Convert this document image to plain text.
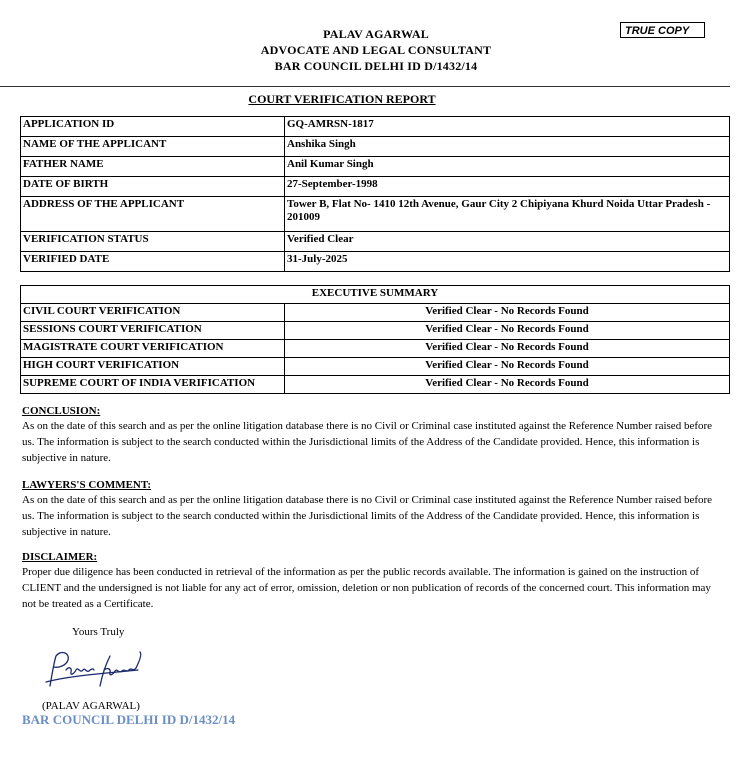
PALAV AGARWAL
ADVOCATE AND LEGAL CONSULTANT
BAR COUNCIL DELHI ID D/1432/14
TRUE COPY
COURT VERIFICATION REPORT
APPLICATION ID	GQ-AMRSN-1817
NAME OF THE APPLICANT	Anshika Singh
FATHER NAME	Anil Kumar Singh
DATE OF BIRTH	27-September-1998
ADDRESS OF THE APPLICANT	Tower B, Flat No- 1410 12th Avenue, Gaur City 2 Chipiyana Khurd Noida Uttar Pradesh - 201009
VERIFICATION STATUS	Verified Clear
VERIFIED DATE	31-July-2025
EXECUTIVE SUMMARY	
CIVIL COURT VERIFICATION	Verified Clear - No Records Found
SESSIONS COURT VERIFICATION	Verified Clear - No Records Found
MAGISTRATE COURT VERIFICATION	Verified Clear - No Records Found
HIGH COURT VERIFICATION	Verified Clear - No Records Found
SUPREME COURT OF INDIA VERIFICATION	Verified Clear - No Records Found
CONCLUSION:

As on the date of this search and as per the online litigation database there is no Civil or Criminal case instituted against the Reference Number raised before us. The information is subject to the search conducted within the Jurisdictional limits of the Address of the Candidate provided. Hence, this information is subjective in nature.

LAWYERS'S COMMENT:

As on the date of this search and as per the online litigation database there is no Civil or Criminal case instituted against the Reference Number raised before us. The information is subject to the search conducted within the Jurisdictional limits of the Address of the Candidate provided. Hence, this information is subjective in nature.

DISCLAIMER:

Proper due diligence has been conducted in retrieval of the information as per the public records available. The information is gained on the instruction of CLIENT and the undersigned is not liable for any act of error, omission, deletion or non publication of records of the concerned court. This information may not be treated as a Certificate.

Yours Truly
(PALAV AGARWAL)
BAR COUNCIL DELHI ID D/1432/14
